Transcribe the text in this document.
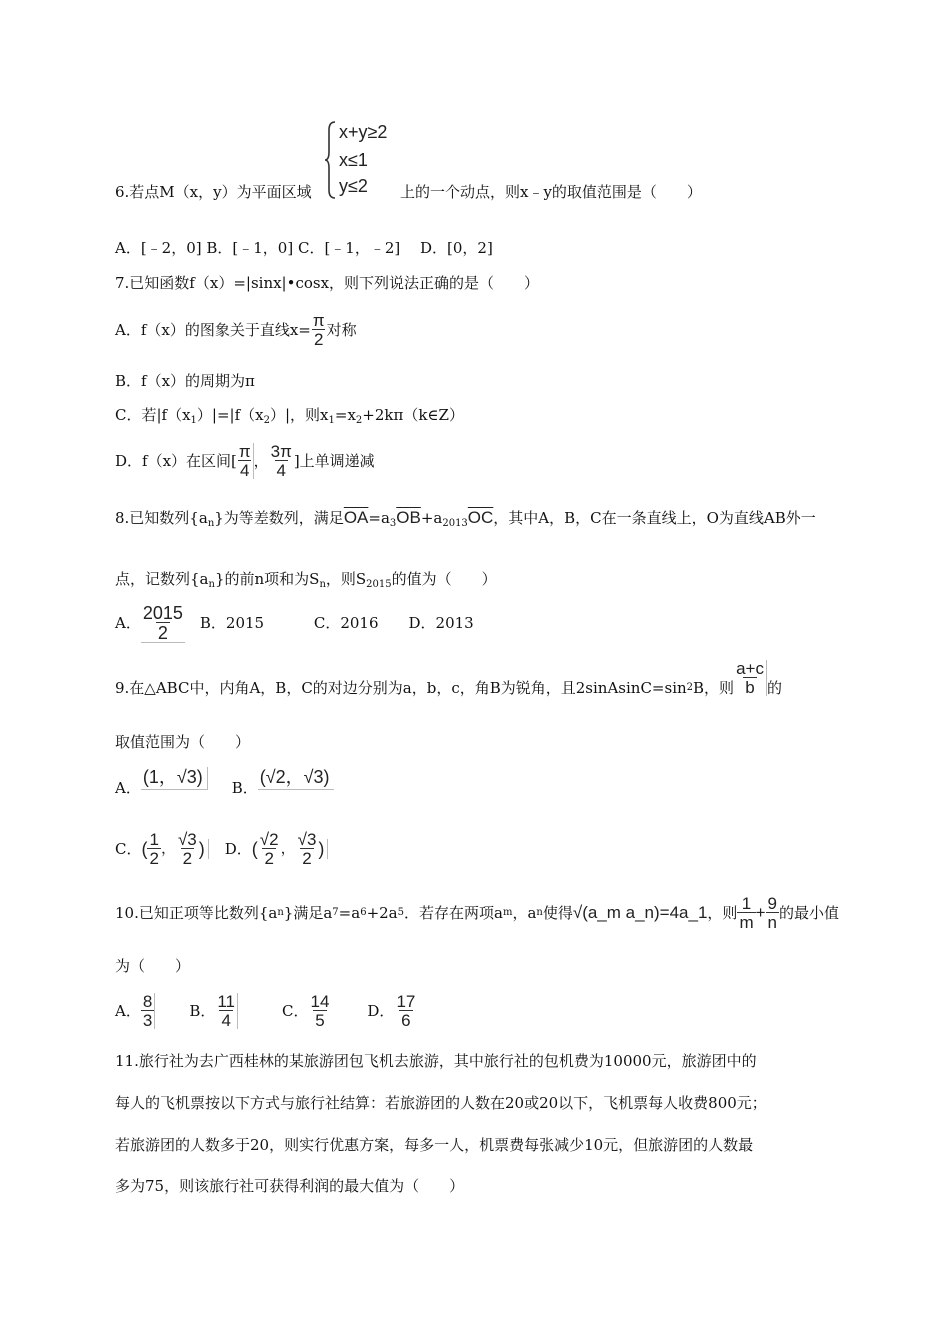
x+y≥2
x≤1
y≤2
6.若点M（x，y）为平面区域	上的一个动点，则x﹣y的取值范围是（　　）
A．[﹣2，0] B．[﹣1，0] C．[﹣1，﹣2]　 D．[0，2]
7.已知函数f（x）=|sinx|•cosx，则下列说法正确的是（　　）
A．f（x）的图象关于直线$x= \frac{\pi}{2}$ 对称
B．f（x）的周期为π
C．若$|f(x_1)|=|f(x_2)|$，则$x_1=x_2+2k\pi(k\in Z)$
D．f（x）在区间[ $\frac{\pi}{4}$ ， $\frac{3\pi}{4}$ ]上单调递减
8.已知数列$\{a_n\}$为等差数列，满足$\overline{OA}=a_3\overline{OB}+a_{2013}\overline{OC}$，其中A，B，C在一条直线上，O为直线AB外一
点，记数列$\{a_n\}$的前n项和为$S_n$，则$S_{2015}$的值为（　　）
A． $\frac{2015}{2}$ 　B．2015　　　 C．2016　　D．2013
9.在△ABC中，内角A，B，C的对边分别为a，b，c，角B为锐角，且2sinAsinC=sin 2 B，则 $\frac{a+c}{b}$ 的
取值范围为（　　）
A．
(1，√3)
B．
(√2，√3)
C． ( $\frac{1}{2}$ ， $\frac{√3}{2}$ ) D． ( $\frac{√2}{2}$ ， $\frac{√3}{2}$ )
10.已知正项等比数列{a n }满足a 7 =a 6 +2a 5 ．若存在两项a m ，a n 使得 √(a_m a_n)=4a_1 ，则 $\frac{1}{m} + \frac{9}{n}$ 的最小值
为（　　）
A． $\frac{8}{3}$ B． $\frac{11}{4}$	C． $\frac{14}{5}$ D． $\frac{17}{6}$
11.旅行社为去广西桂林的某旅游团包飞机去旅游，其中旅行社的包机费为10000元，旅游团中的
每人的飞机票按以下方式与旅行社结算：若旅游团的人数在20或20以下，飞机票每人收费800元；
若旅游团的人数多于20，则实行优惠方案，每多一人，机票费每张减少10元，但旅游团的人数最
多为75，则该旅行社可获得利润的最大值为（　　）
